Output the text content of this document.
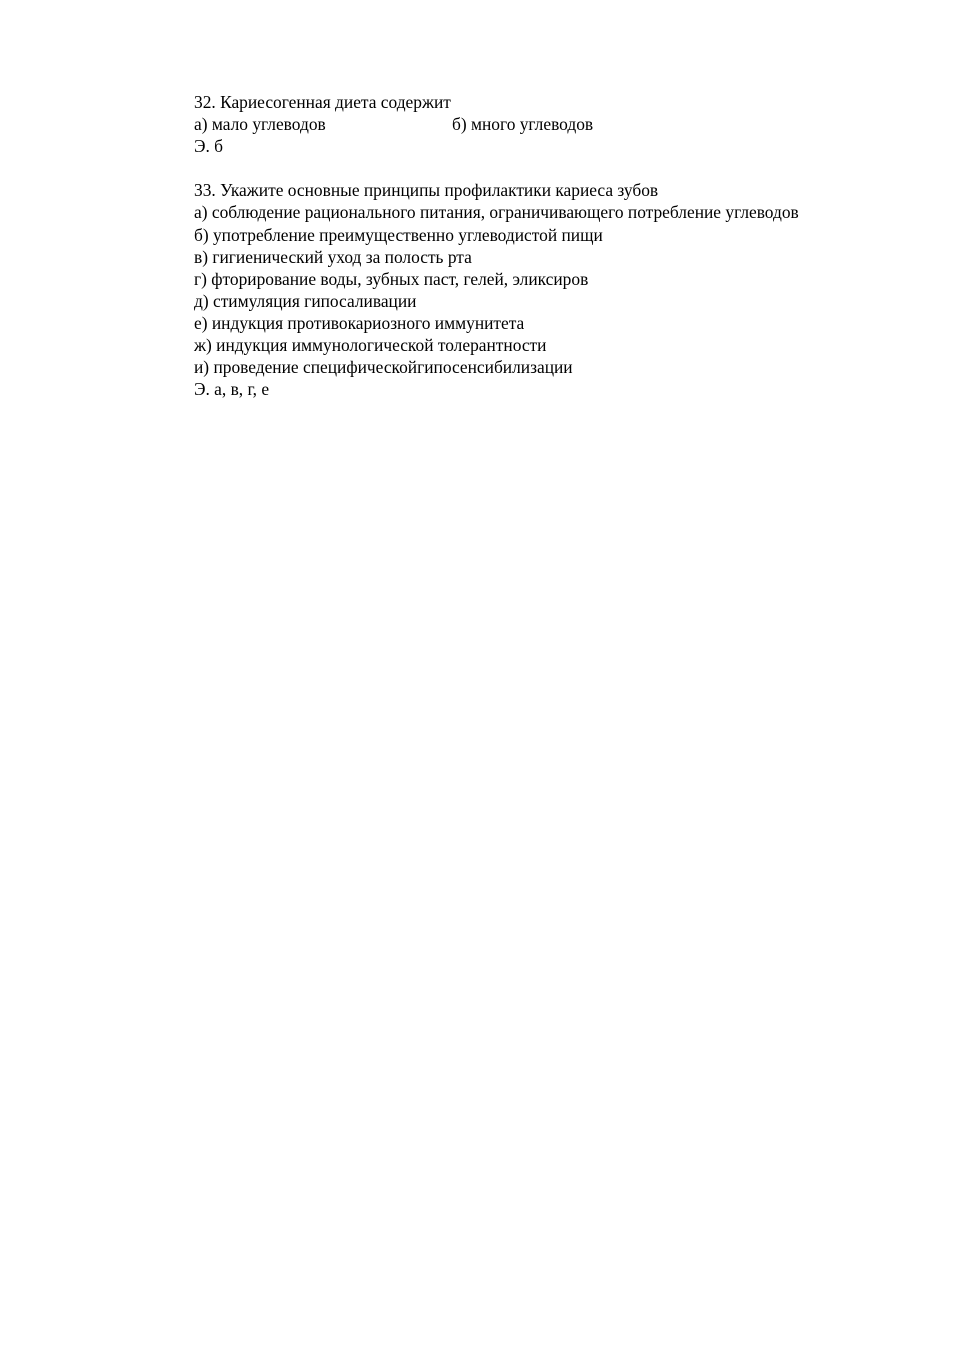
32. Кариесогенная диета содержит
а) мало углеводов	б) много углеводов
Э. б
33. Укажите основные принципы профилактики кариеса зубов
а) соблюдение рационального питания, ограничивающего потребление углеводов
б) употребление преимущественно углеводистой пищи
в) гигиенический уход за полость рта
г) фторирование воды, зубных паст, гелей, эликсиров
д) стимуляция гипосаливации
е) индукция противокариозного иммунитета
ж) индукция иммунологической толерантности
и) проведение специфическойгипосенсибилизации
Э. а, в, г, е
